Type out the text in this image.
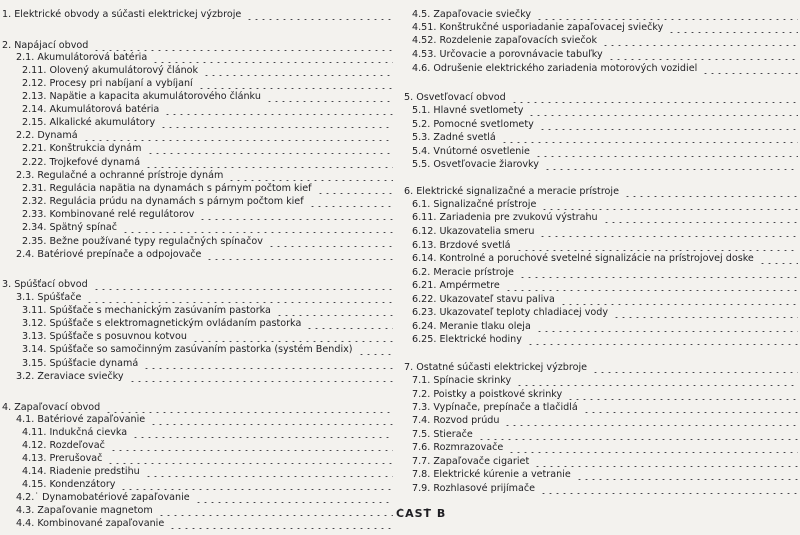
1. Elektrické obvody a súčasti elektrickej výzbroje
2. Napájací obvod
2.1. Akumulátorová batéria
2.11. Olovený akumulátorový článok
2.12. Procesy pri nabíjaní a vybíjaní
2.13. Napätie a kapacita akumulátorového článku
2.14. Akumulátorová batéria
2.15. Alkalické akumulátory
2.2. Dynamá
2.21. Konštrukcia dynám
2.22. Trojkefové dynamá
2.3. Regulačné a ochranné prístroje dynám
2.31. Regulácia napätia na dynamách s párnym počtom kief
2.32. Regulácia prúdu na dynamách s párnym počtom kief
2.33. Kombinované relé regulátorov
2.34. Spätný spínač
2.35. Bežne používané typy regulačných spínačov
2.4. Batériové prepínače a odpojovače
3. Spúšťací obvod
3.1. Spúšťače
3.11. Spúšťače s mechanickým zasúvaním pastorka
3.12. Spúšťače s elektromagnetickým ovládaním pastorka
3.13. Spúšťače s posuvnou kotvou
3.14. Spúšťače so samočinným zasúvaním pastorka (systém Bendix)
3.15. Spúšťacie dynamá
3.2. Žeraviace sviečky
4. Zapaľovací obvod
4.1. Batériové zapaľovanie
4.11. Indukčná cievka
4.12. Rozdeľovač
4.13. Prerušovač
4.14. Riadenie predstihu
4.15. Kondenzátory
4.2.˙ Dynamobatériové zapaľovanie
4.3. Zapaľovanie magnetom
4.4. Kombinované zapaľovanie
ČASŤ B
4.5. Zapaľovacie sviečky
4.51. Konštrukčné usporiadanie zapaľovacej sviečky
4.52. Rozdelenie zapaľovacích sviečok
4.53. Určovacie a porovnávacie tabuľky
4.6. Odrušenie elektrického zariadenia motorových vozidiel
5. Osvetľovací obvod
5.1. Hlavné svetlomety
5.2. Pomocné svetlomety
5.3. Zadné svetlá
5.4. Vnútorné osvetlenie
5.5. Osvetľovacie žiarovky
6. Elektrické signalizačné a meracie prístroje
6.1. Signalizačné prístroje
6.11. Zariadenia pre zvukovú výstrahu
6.12. Ukazovatelia smeru
6.13. Brzdové svetlá
6.14. Kontrolné a poruchové svetelné signalizácie na prístrojovej doske
6.2. Meracie prístroje
6.21. Ampérmetre
6.22. Ukazovateľ stavu paliva
6.23. Ukazovateľ teploty chladiacej vody
6.24. Meranie tlaku oleja
6.25. Elektrické hodiny
7. Ostatné súčasti elektrickej výzbroje
7.1. Spínacie skrinky
7.2. Poistky a poistkové skrinky
7.3. Vypínače, prepínače a tlačidlá
7.4. Rozvod prúdu
7.5. Stierače
7.6. Rozmrazovače
7.7. Zapaľovače cigariet
7.8. Elektrické kúrenie a vetranie
7.9. Rozhlasové prijímače
